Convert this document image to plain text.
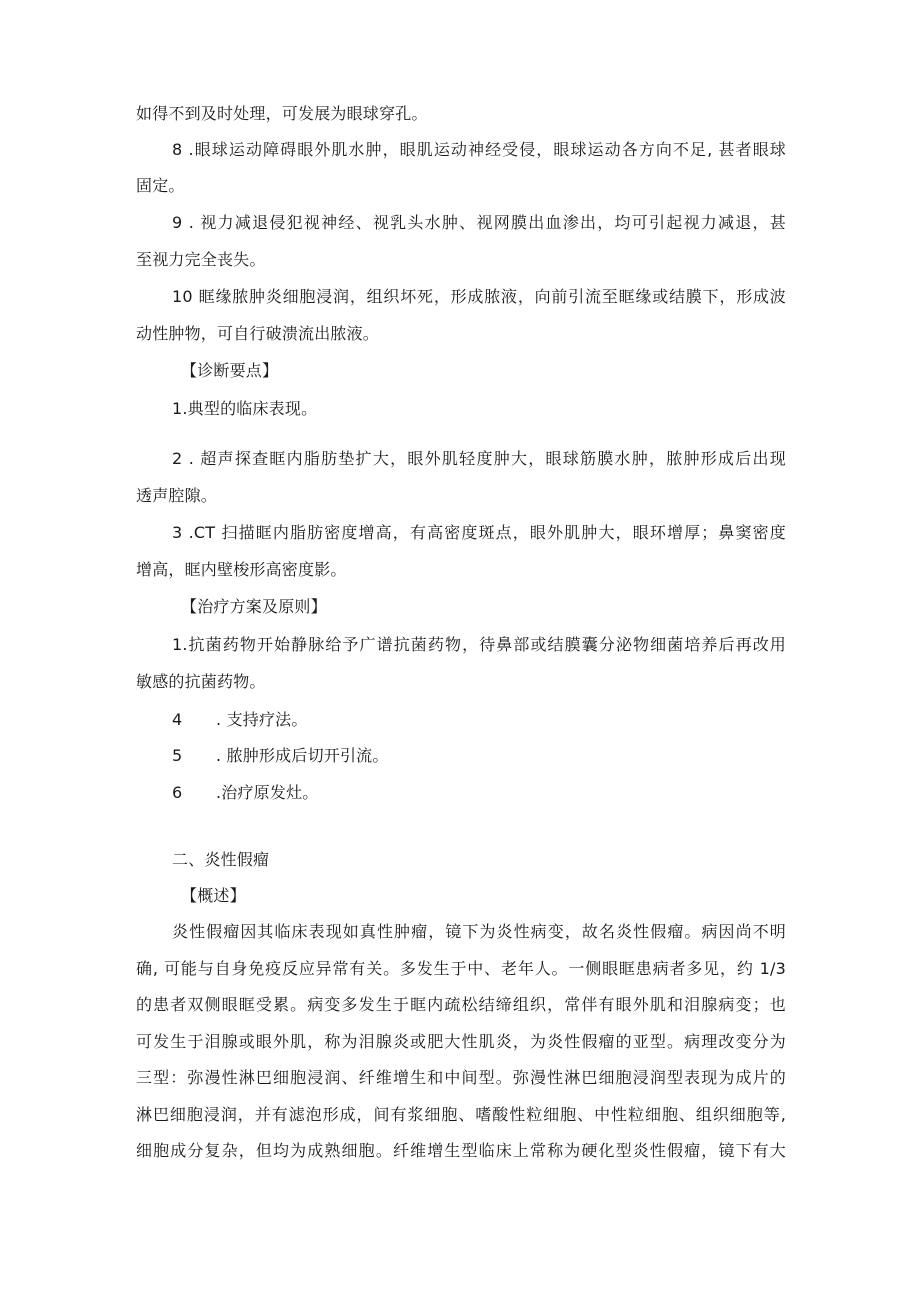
如得不到及时处理，可发展为眼球穿孔。
8 .眼球运动障碍眼外肌水肿，眼肌运动神经受侵，眼球运动各方向不足, 甚者眼球
固定。
9 . 视力减退侵犯视神经、视乳头水肿、视网膜出血渗出，均可引起视力减退，甚
至视力完全丧失。
10 眶缘脓肿炎细胞浸润，组织坏死，形成脓液，向前引流至眶缘或结膜下，形成波
动性肿物，可自行破溃流出脓液。
【诊断要点】
1.典型的临床表现。
2 . 超声探查眶内脂肪垫扩大，眼外肌轻度肿大，眼球筋膜水肿，脓肿形成后出现
透声腔隙。
3 .CT 扫描眶内脂肪密度增高，有高密度斑点，眼外肌肿大，眼环增厚；鼻窦密度
增高，眶内壁梭形高密度影。
【治疗方案及原则】
1.抗菌药物开始静脉给予广谱抗菌药物，待鼻部或结膜囊分泌物细菌培养后再改用
敏感的抗菌药物。
4 . 支持疗法。
5 . 脓肿形成后切开引流。
6 .治疗原发灶。
二、炎性假瘤
【概述】
炎性假瘤因其临床表现如真性肿瘤，镜下为炎性病变，故名炎性假瘤。病因尚不明
确, 可能与自身免疫反应异常有关。多发生于中、老年人。一侧眼眶患病者多见，约 1/3
的患者双侧眼眶受累。病变多发生于眶内疏松结缔组织，常伴有眼外肌和泪腺病变；也
可发生于泪腺或眼外肌，称为泪腺炎或肥大性肌炎，为炎性假瘤的亚型。病理改变分为
三型：弥漫性淋巴细胞浸润、纤维增生和中间型。弥漫性淋巴细胞浸润型表现为成片的
淋巴细胞浸润，并有滤泡形成，间有浆细胞、嗜酸性粒细胞、中性粒细胞、组织细胞等,
细胞成分复杂，但均为成熟细胞。纤维增生型临床上常称为硬化型炎性假瘤，镜下有大
